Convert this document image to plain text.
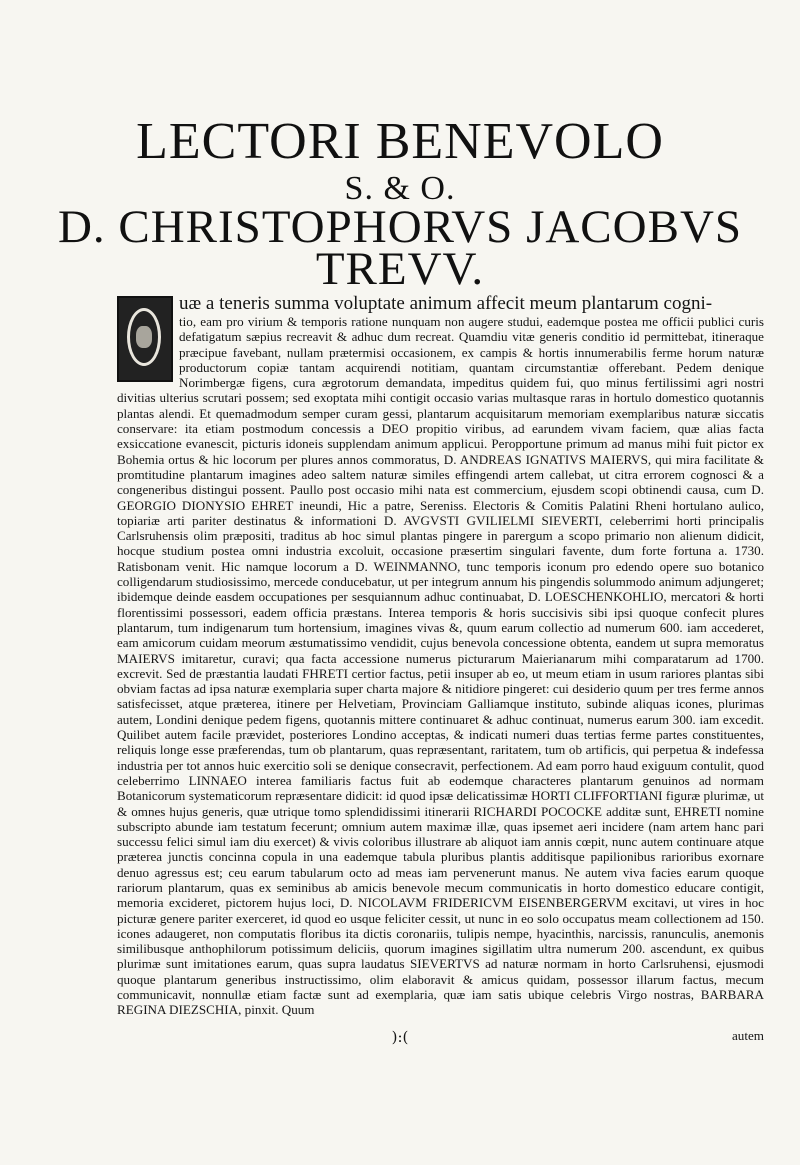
LECTORI BENEVOLO
S. & O.
D. CHRISTOPHORVS JACOBVS
TREVV.
uæ a teneris summa voluptate animum affecit meum plantarum cogni-

tio, eam pro virium & temporis ratione nunquam non augere studui, eademque postea me officii publici curis defatigatum sæpius recreavit & adhuc dum recreat. Quamdiu vitæ generis conditio id permittebat, itineraque præcipue favebant, nullam prætermisi occasionem, ex campis & hortis innumerabilis ferme horum naturæ productorum copiæ tantam acquirendi notitiam, quantam circumstantiæ offerebant. Pedem denique Norimbergæ figens, cura ægrotorum demandata, impeditus quidem fui, quo minus fertilissimi agri nostri divitias ulterius scrutari possem; sed exoptata mihi contigit occasio varias multasque raras in hortulo domestico quotannis plantas alendi. Et quemadmodum semper curam gessi, plantarum acquisitarum memoriam exemplaribus naturæ siccatis conservare: ita etiam postmodum concessis a DEO propitio viribus, ad earundem vivam faciem, quæ alias facta exsiccatione evanescit, picturis idoneis supplendam animum applicui. Peropportune primum ad manus mihi fuit pictor ex Bohemia ortus & hic locorum per plures annos commoratus, D. ANDREAS IGNATIVS MAIERVS, qui mira facilitate & promtitudine plantarum imagines adeo saltem naturæ similes effingendi artem callebat, ut citra errorem cognosci & a congeneribus distingui possent. Paullo post occasio mihi nata est commercium, ejusdem scopi obtinendi causa, cum D. GEORGIO DIONYSIO EHRET ineundi, Hic a patre, Sereniss. Electoris & Comitis Palatini Rheni hortulano aulico, topiariæ arti pariter destinatus & informationi D. AVGVSTI GVILIELMI SIEVERTI, celeberrimi horti principalis Carlsruhensis olim præpositi, traditus ab hoc simul plantas pingere in parergum a scopo primario non alienum didicit, hocque studium postea omni industria excoluit, occasione præsertim singulari favente, dum forte fortuna a. 1730. Ratisbonam venit. Hic namque locorum a D. WEINMANNO, tunc temporis iconum pro edendo opere suo botanico colligendarum studiosissimo, mercede conducebatur, ut per integrum annum his pingendis solummodo animum adjungeret; ibidemque deinde easdem occupationes per sesquiannum adhuc continuabat, D. LOESCHENKOHLIO, mercatori & horti florentissimi possessori, eadem officia præstans. Interea temporis & horis succisivis sibi ipsi quoque confecit plures plantarum, tum indigenarum tum hortensium, imagines vivas &, quum earum collectio ad numerum 600. iam accederet, eam amicorum cuidam meorum æstumatissimo vendidit, cujus benevola concessione obtenta, eandem ut supra memoratus MAIERVS imitaretur, curavi; qua facta accessione numerus picturarum Maierianarum mihi comparatarum ad 1700. excrevit. Sed de præstantia laudati FHRETI certior factus, petii insuper ab eo, ut meum etiam in usum rariores plantas sibi obviam factas ad ipsa naturæ exemplaria super charta majore & nitidiore pingeret: cui desiderio quum per tres ferme annos satisfecisset, atque præterea, itinere per Helvetiam, Provinciam Galliamque instituto, subinde aliquas icones, plurimas autem, Londini denique pedem figens, quotannis mittere continuaret & adhuc continuat, numerus earum 300. iam excedit. Quilibet autem facile prævidet, posteriores Londino acceptas, & indicati numeri duas tertias ferme partes constituentes, reliquis longe esse præferendas, tum ob plantarum, quas repræsentant, raritatem, tum ob artificis, qui perpetua & indefessa industria per tot annos huic exercitio soli se denique consecravit, perfectionem. Ad eam porro haud exiguum contulit, quod celeberrimo LINNAEO interea familiaris factus fuit ab eodemque characteres plantarum genuinos ad normam Botanicorum systematicorum repræsentare didicit: id quod ipsæ delicatissimæ HORTI CLIFFORTIANI figuræ plurimæ, ut & omnes hujus generis, quæ utrique tomo splendidissimi itinerarii RICHARDI POCOCKE additæ sunt, EHRETI nomine subscripto abunde iam testatum fecerunt; omnium autem maximæ illæ, quas ipsemet aeri incidere (nam artem hanc pari successu felici simul iam diu exercet) & vivis coloribus illustrare ab aliquot iam annis cœpit, nunc autem continuare atque præterea junctis concinna copula in una eademque tabula pluribus plantis additisque papilionibus rarioribus exornare denuo agressus est; ceu earum tabularum octo ad meas iam pervenerunt manus. Ne autem viva facies earum quoque rariorum plantarum, quas ex seminibus ab amicis benevole mecum communicatis in horto domestico educare contigit, memoria excideret, pictorem hujus loci, D. NICOLAVM FRIDERICVM EISENBERGERVM excitavi, ut vires in hoc picturæ genere pariter exerceret, id quod eo usque feliciter cessit, ut nunc in eo solo occupatus meam collectionem ad 150. icones adaugeret, non computatis floribus ita dictis coronariis, tulipis nempe, hyacinthis, narcissis, ranunculis, anemonis similibusque anthophilorum potissimum deliciis, quorum imagines sigillatim ultra numerum 200. ascendunt, ex quibus plurimæ sunt imitationes earum, quas supra laudatus SIEVERTVS ad naturæ normam in horto Carlsruhensi, ejusmodi quoque plantarum generibus instructissimo, olim elaboravit & amicus quidam, possessor illarum factus, mecum communicavit, nonnullæ etiam factæ sunt ad exemplaria, quæ iam satis ubique celebris Virgo nostras, BARBARA REGINA DIEZSCHIA, pinxit. Quum

):(	autem
